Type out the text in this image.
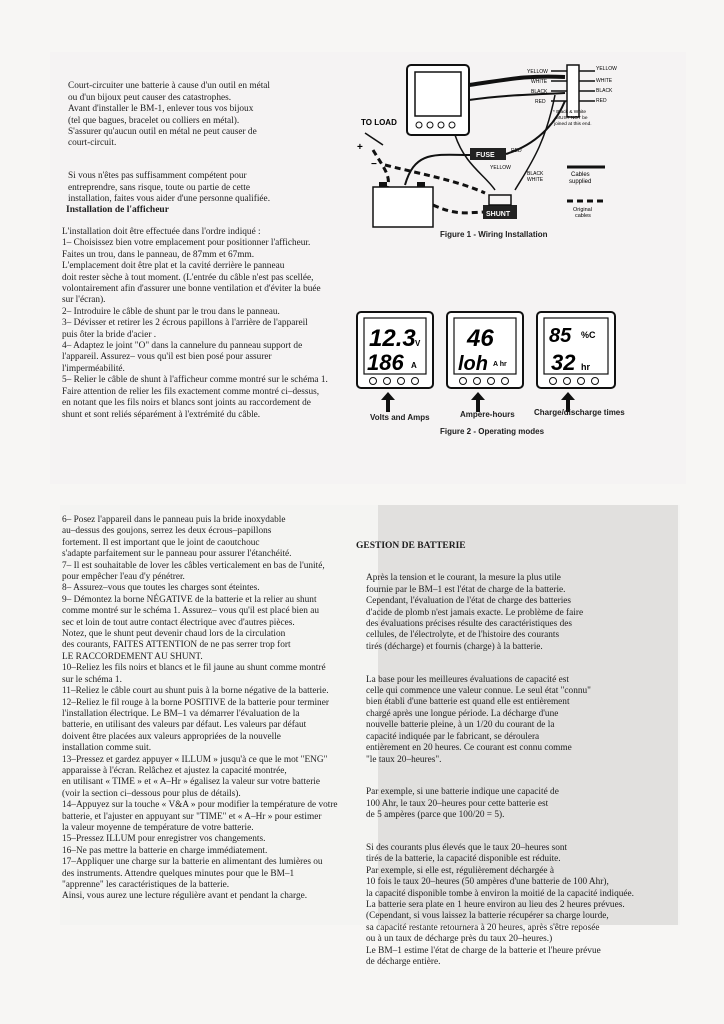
Court-circuiter une batterie à cause d'un outil en métal
ou d'un bijoux peut causer des catastrophes.
Avant d'installer le BM-1, enlever tous vos bijoux
(tel que bagues, bracelet ou colliers en métal).
S'assurer qu'aucun outil en métal ne peut causer de
court-circuit.

Si vous n'êtes pas suffisamment compétent pour
entreprendre, sans risque, toute ou partie de cette
installation, faites vous aider d'une personne qualifiée.

Installation de l'afficheur
L'installation doit être effectuée dans l'ordre indiqué :
1– Choisissez bien votre emplacement pour positionner l'afficheur.
Faites un trou, dans le panneau, de 87mm et 67mm.
L'emplacement doit être plat et la cavité derrière le panneau
doit rester sèche à tout moment. (L'entrée du câble n'est pas scellée,
volontairement afin d'assurer une bonne ventilation et d'éviter la buée
sur l'écran).
2– Introduire le câble de shunt par le trou dans le panneau.
3– Dévisser et retirer les 2 écrous papillons à l'arrière de l'appareil
puis ôter la bride d'acier .
4– Adaptez le joint "O" dans la cannelure du panneau support de
l'appareil. Assurez– vous qu'il est bien posé pour assurer
l'imperméabilité.
5– Relier le câble de shunt à l'afficheur comme montré sur le schéma 1.
Faire attention de relier les fils exactement comme montré ci–dessus,
en notant que les fils noirs et blancs sont joints au raccordement de
shunt et sont reliés séparément à l'extrémité du câble.
YELLOW
WHITE
BLACK
RED
YELLOW
WHITE
BLACK
RED
* Black & White MUST NOT be joined at this end.
TO LOAD
+
−
FUSE
RED
YELLOW
BLACK
WHITE
SHUNT
Cables supplied
Original cables
Figure 1 - Wiring Installation
12.3 V
186 A
46
loh A hr
85 %C
32 hr
Volts and Amps	Ampere-hours Charge/discharge times
Figure 2 - Operating modes
6– Posez l'appareil dans le panneau puis la bride inoxydable
au–dessus des goujons, serrez les deux écrous–papillons
fortement. Il est important que le joint de caoutchouc
s'adapte parfaitement sur le panneau pour assurer l'étanchéité.
7– Il est souhaitable de lover les câbles verticalement en bas de l'unité,
pour empêcher l'eau d'y pénétrer.
8– Assurez–vous que toutes les charges sont éteintes.
9– Démontez la borne NÉGATIVE de la batterie et la relier au shunt
comme montré sur le schéma 1. Assurez– vous qu'il est placé bien au
sec et loin de tout autre contact électrique avec d'autres pièces.
Notez, que le shunt peut devenir chaud lors de la circulation
des courants, FAITES ATTENTION de ne pas serrer trop fort
LE RACCORDEMENT AU SHUNT.
10–Reliez les fils noirs et blancs et le fil jaune au shunt comme montré
sur le schéma 1.
11–Reliez le câble court au shunt puis à la borne négative de la batterie.
12–Reliez le fil rouge à la borne POSITIVE de la batterie pour terminer
l'installation électrique. Le BM–1 va démarrer l'évaluation de la
batterie, en utilisant des valeurs par défaut. Les valeurs par défaut
doivent être placées aux valeurs appropriées de la nouvelle
installation comme suit.
13–Pressez et gardez appuyer « ILLUM » jusqu'à ce que le mot "ENG"
apparaisse à l'écran. Relâchez et ajustez la capacité montrée,
en utilisant « TIME » et « A–Hr » égalisez la valeur sur votre batterie
(voir la section ci–dessous pour plus de détails).
14–Appuyez sur la touche « V&A » pour modifier la température de votre
batterie, et l'ajuster en appuyant sur "TIME" et « A–Hr » pour estimer
la valeur moyenne de température de votre batterie.
15–Pressez ILLUM pour enregistrer vos changements.
16–Ne pas mettre la batterie en charge immédiatement.
17–Appliquer une charge sur la batterie en alimentant des lumières ou
des instruments. Attendre quelques minutes pour que le BM–1
"apprenne" les caractéristiques de la batterie.
Ainsi, vous aurez une lecture régulière avant et pendant la charge.
GESTION DE BATTERIE

Après la tension et le courant, la mesure la plus utile
fournie par le BM–1 est l'état de charge de la batterie.
Cependant, l'évaluation de l'état de charge des batteries
d'acide de plomb n'est jamais exacte. Le problème de faire
des évaluations précises résulte des caractéristiques des
cellules, de l'électrolyte, et de l'histoire des courants
tirés (décharge) et fournis (charge) à la batterie.

La base pour les meilleures évaluations de capacité est
celle qui commence une valeur connue. Le seul état "connu"
bien établi d'une batterie est quand elle est entièrement
chargé après une longue période. La décharge d'une
nouvelle batterie pleine, à un 1/20 du courant de la
capacité indiquée par le fabricant, se déroulera
entièrement en 20 heures. Ce courant est connu comme
"le taux 20–heures".

Par exemple, si une batterie indique une capacité de
100 Ahr, le taux 20–heures pour cette batterie est
de 5 ampères (parce que 100/20 = 5).

Si des courants plus élevés que le taux 20–heures sont
tirés de la batterie, la capacité disponible est réduite.
Par exemple, si elle est, régulièrement déchargée à
10 fois le taux 20–heures (50 ampères d'une batterie de 100 Ahr),
la capacité disponible tombe à environ la moitié de la capacité indiquée.
La batterie sera plate en 1 heure environ au lieu des 2 heures prévues.
(Cependant, si vous laissez la batterie récupérer sa charge lourde,
sa capacité restante retournera à 20 heures, après s'être reposée
ou à un taux de décharge près du taux 20–heures.)
Le BM–1 estime l'état de charge de la batterie et l'heure prévue
de décharge entière.
